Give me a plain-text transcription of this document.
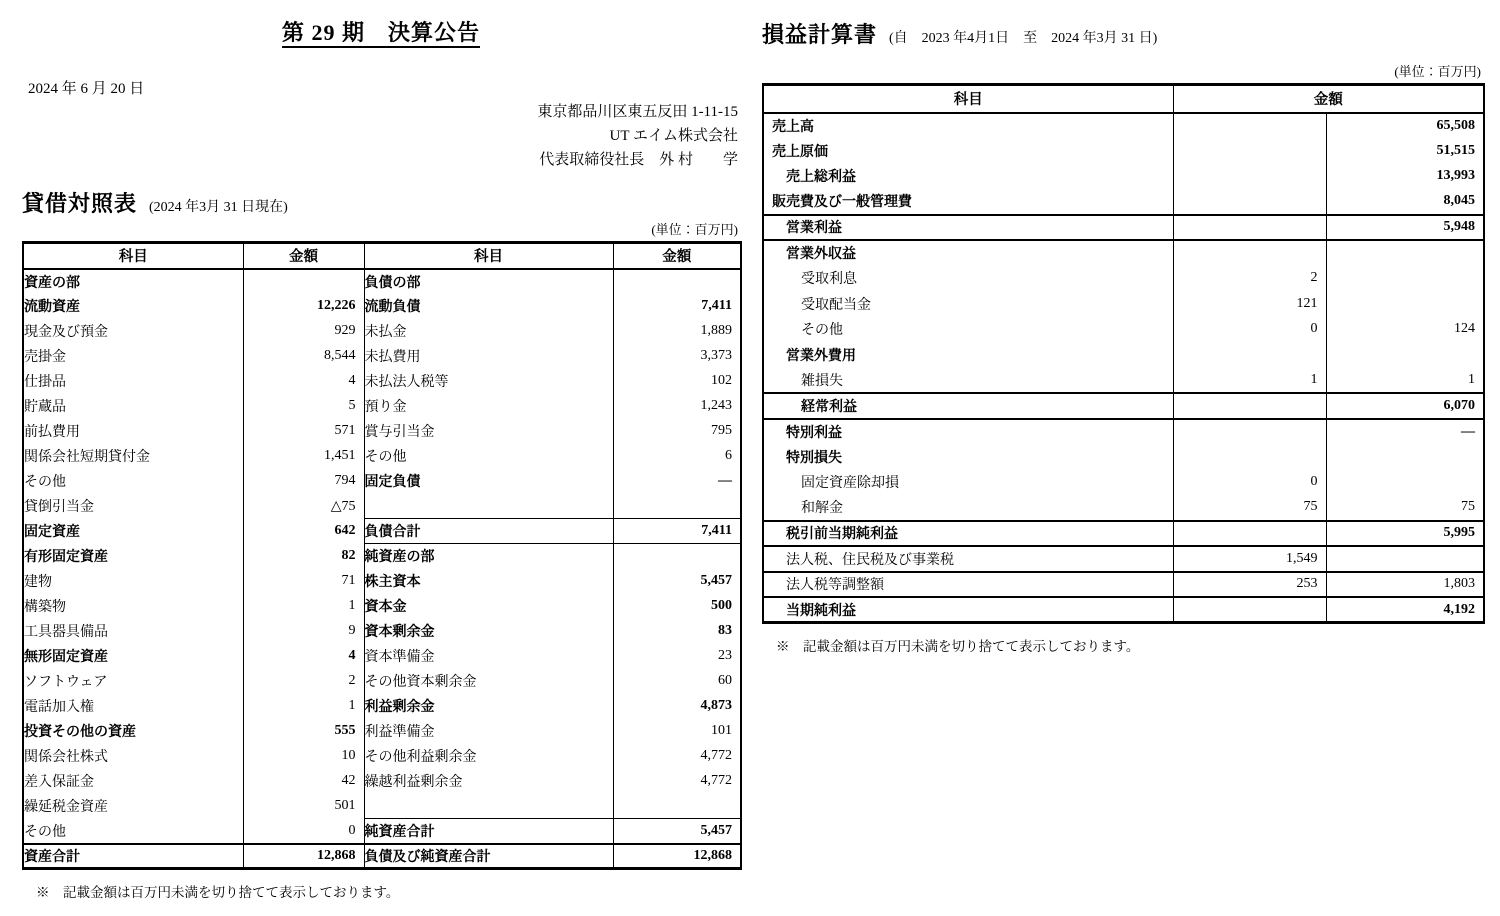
第 29 期　決算公告
2024 年 6 月 20 日
東京都品川区東五反田 1-11-15
UT エイム株式会社
代表取締役社長　外 村　　学
貸借対照表 (2024 年3月 31 日現在)
(単位：百万円)
科目	金額	科目	金額
資産の部		負債の部	
流動資産	12,226	流動負債	7,411
現金及び預金	929	未払金	1,889
売掛金	8,544	未払費用	3,373
仕掛品	4	未払法人税等	102
貯蔵品	5	預り金	1,243
前払費用	571	賞与引当金	795
関係会社短期貸付金	1,451	その他	6
その他	794	固定負債	—
貸倒引当金	△75		
固定資産	642	負債合計	7,411
有形固定資産	82	純資産の部	
建物	71	株主資本	5,457
構築物	1	資本金	500
工具器具備品	9	資本剰余金	83
無形固定資産	4	資本準備金	23
ソフトウェア	2	その他資本剰余金	60
電話加入権	1	利益剰余金	4,873
投資その他の資産	555	利益準備金	101
関係会社株式	10	その他利益剰余金	4,772
差入保証金	42	繰越利益剰余金	4,772
繰延税金資産	501		
その他	0	純資産合計	5,457
資産合計	12,868	負債及び純資産合計	12,868
※　記載金額は百万円未満を切り捨てて表示しております。
損益計算書 (自　2023 年4月1日　至　2024 年3月 31 日)
(単位：百万円)
科目	金額	
売上高		65,508
売上原価		51,515
売上総利益		13,993
販売費及び一般管理費		8,045
営業利益		5,948
営業外収益		
受取利息	2	
受取配当金	121	
その他	0	124
営業外費用		
雑損失	1	1
経常利益		6,070
特別利益		—
特別損失		
固定資産除却損	0	
和解金	75	75
税引前当期純利益		5,995
法人税、住民税及び事業税	1,549	
法人税等調整額	253	1,803
当期純利益		4,192
※　記載金額は百万円未満を切り捨てて表示しております。
